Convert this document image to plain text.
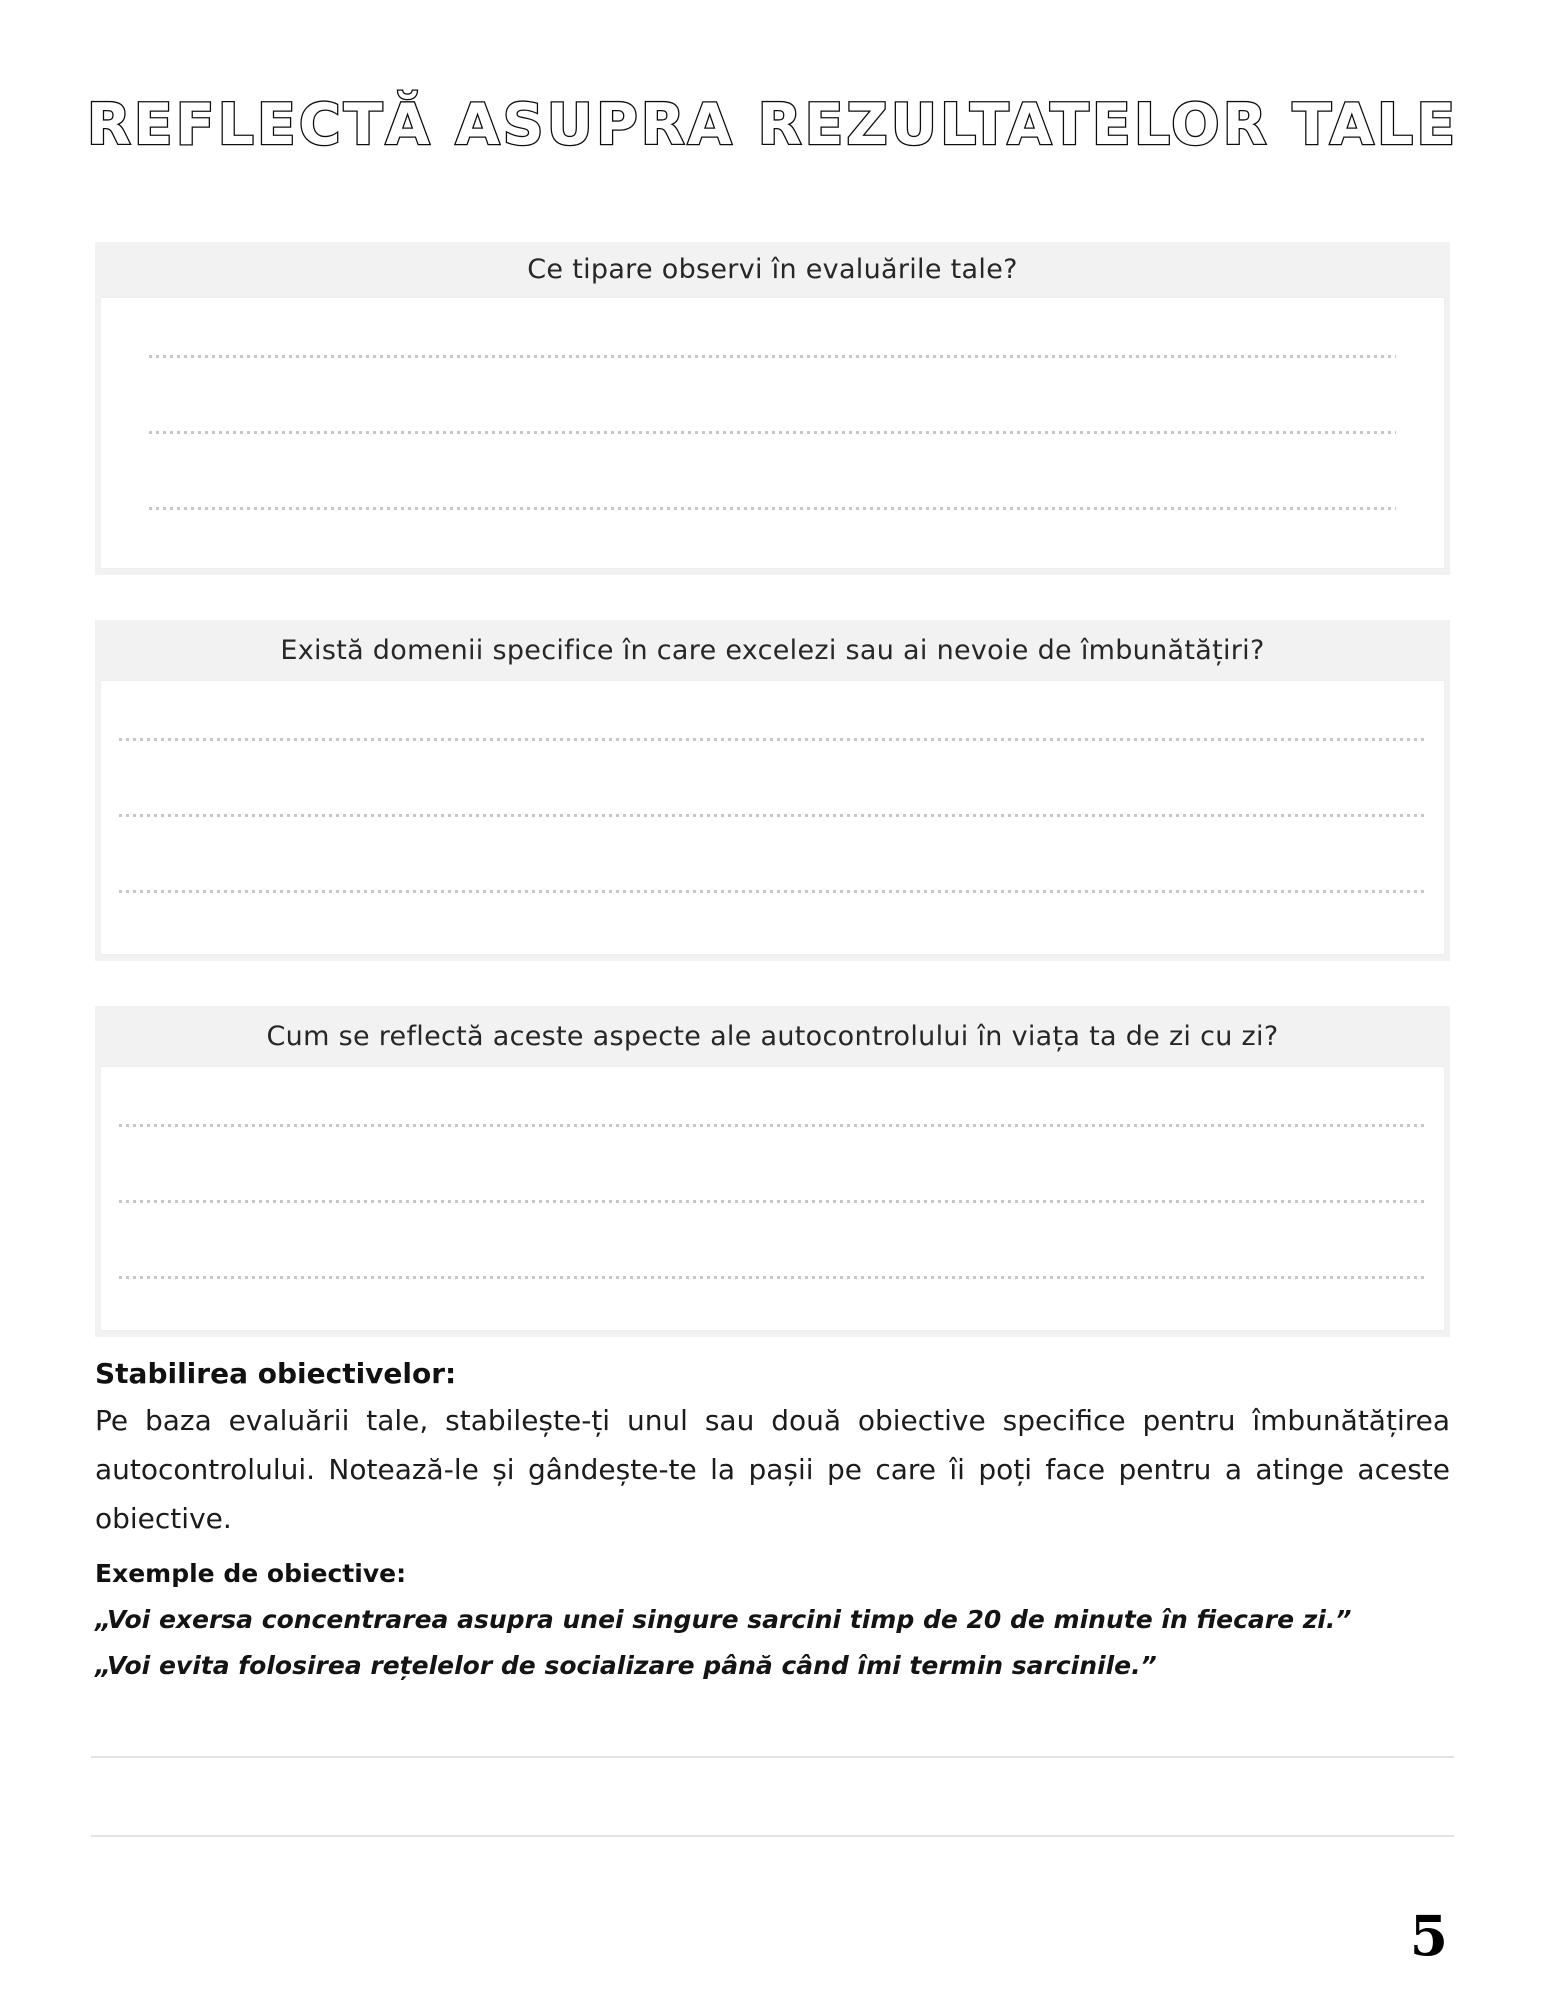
REFLECTĂ ASUPRA REZULTATELOR TALE
Ce tipare observi în evaluările tale?
Există domenii specifice în care excelezi sau ai nevoie de îmbunătățiri?
Cum se reflectă aceste aspecte ale autocontrolului în viața ta de zi cu zi?
Stabilirea obiectivelor:
Pe baza evaluării tale, stabilește-ți unul sau două obiective specifice pentru îmbunătățirea autocontrolului. Notează-le și gândește-te la pașii pe care îi poți face pentru a atinge aceste obiective.
Exemple de obiective:
„Voi exersa concentrarea asupra unei singure sarcini timp de 20 de minute în fiecare zi.”
„Voi evita folosirea rețelelor de socializare până când îmi termin sarcinile.”
5
